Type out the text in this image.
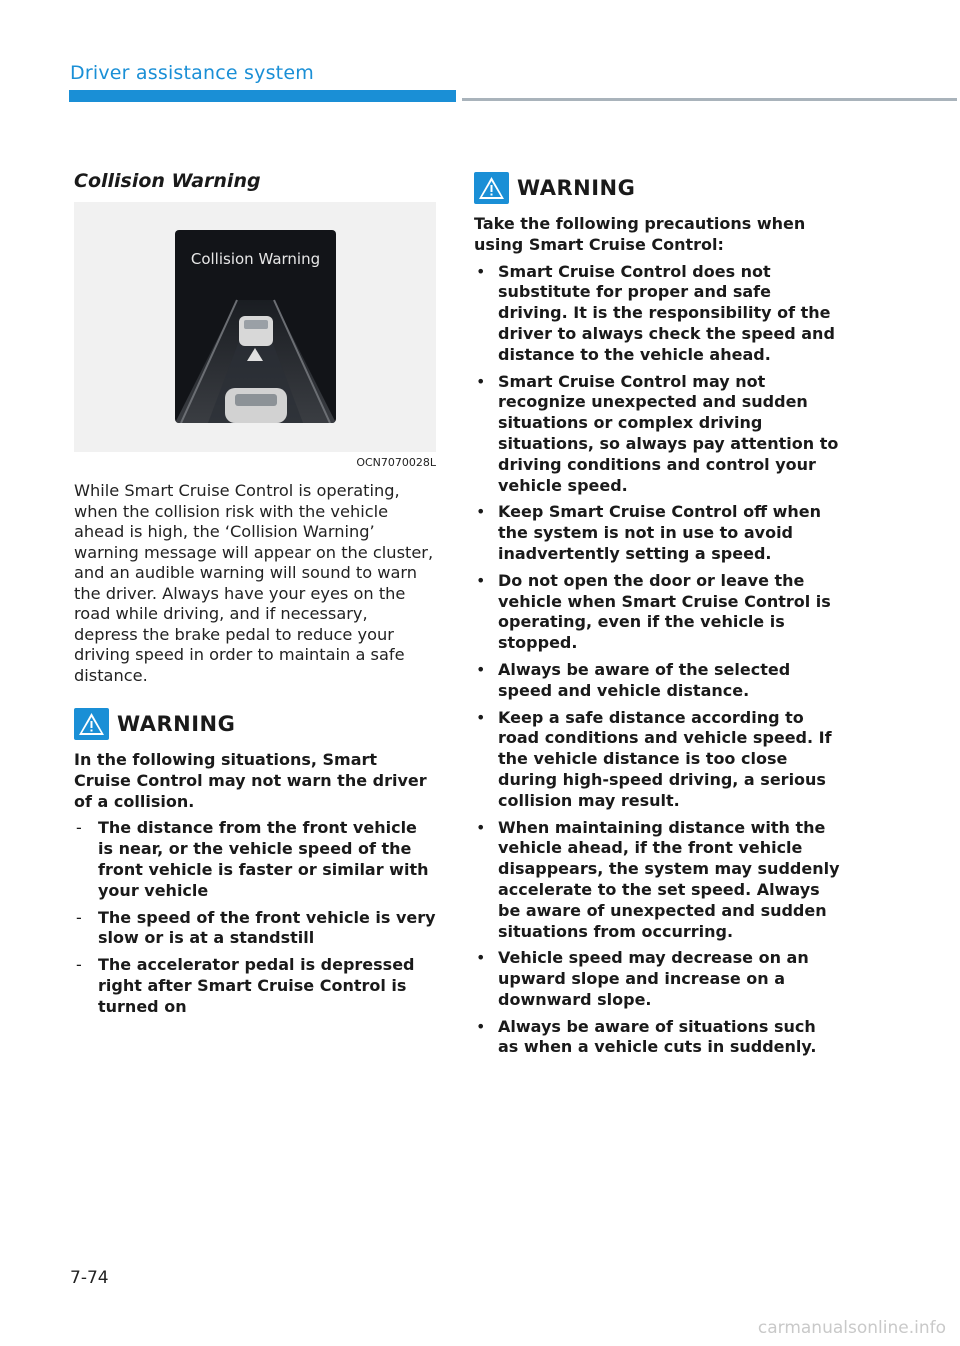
Driver assistance system
Collision Warning
Collision Warning
OCN7070028L

While Smart Cruise Control is operating, when the collision risk with the vehicle ahead is high, the ‘Collision Warning’ warning message will appear on the cluster, and an audible warning will sound to warn the driver. Always have your eyes on the road while driving, and if necessary, depress the brake pedal to reduce your driving speed in order to maintain a safe distance.

WARNING
In the following situations, Smart Cruise Control may not warn the driver of a collision.
- The distance from the front vehicle is near, or the vehicle speed of the front vehicle is faster or similar with your vehicle
- The speed of the front vehicle is very slow or is at a standstill
- The accelerator pedal is depressed right after Smart Cruise Control is turned on
WARNING
Take the following precautions when using Smart Cruise Control:
• Smart Cruise Control does not substitute for proper and safe driving. It is the responsibility of the driver to always check the speed and distance to the vehicle ahead.
• Smart Cruise Control may not recognize unexpected and sudden situations or complex driving situations, so always pay attention to driving conditions and control your vehicle speed.
• Keep Smart Cruise Control off when the system is not in use to avoid inadvertently setting a speed.
• Do not open the door or leave the vehicle when Smart Cruise Control is operating, even if the vehicle is stopped.
• Always be aware of the selected speed and vehicle distance.
• Keep a safe distance according to road conditions and vehicle speed. If the vehicle distance is too close during high-speed driving, a serious collision may result.
• When maintaining distance with the vehicle ahead, if the front vehicle disappears, the system may suddenly accelerate to the set speed. Always be aware of unexpected and sudden situations from occurring.
• Vehicle speed may decrease on an upward slope and increase on a downward slope.
• Always be aware of situations such as when a vehicle cuts in suddenly.
7-74
carmanualsonline.info
